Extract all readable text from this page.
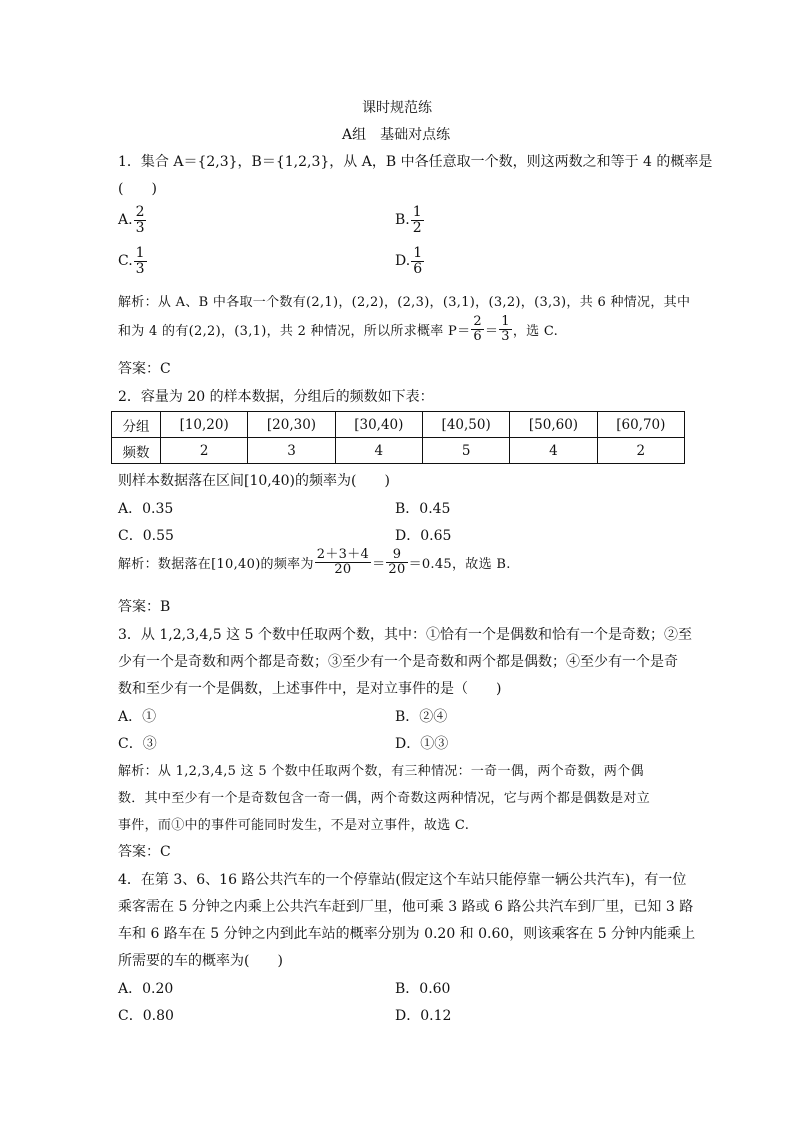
课时规范练
A组　基础对点练
1．集合 A＝{2,3}，B＝{1,2,3}，从 A，B 中各任意取一个数，则这两数之和等于 4 的概率是
(　　)
A. $\frac{2}{3}$	B. $\frac{1}{2}$
C. $\frac{1}{3}$	D. $\frac{1}{6}$
解析：从 A、B 中各取一个数有(2,1)，(2,2)，(2,3)，(3,1)，(3,2)，(3,3)，共 6 种情况，其中
和为 4 的有(2,2)，(3,1)，共 2 种情况，所以所求概率 $P= \frac{2}{6} = \frac{1}{3}$ ，选 C.
答案：C
2．容量为 20 的样本数据，分组后的频数如下表：
分组	[10,20)	[20,30)	[30,40)	[40,50)	[50,60)	[60,70)
频数	2	3	4	5	4	2
则样本数据落在区间[10,40)的频率为(　　)
A．0.35	B．0.45
C．0.55	D．0.65
解析：数据落在[10,40)的频率为 $\frac{2+3+4}{20} = \frac{9}{20} =0.45$，故选 B.
答案：B
3．从 1,2,3,4,5 这 5 个数中任取两个数，其中：①恰有一个是偶数和恰有一个是奇数；②至
少有一个是奇数和两个都是奇数；③至少有一个是奇数和两个都是偶数；④至少有一个是奇
数和至少有一个是偶数，上述事件中，是对立事件的是（　　)
A．①	B．②④
C．③	D．①③
解析：从 1,2,3,4,5 这 5 个数中任取两个数，有三种情况：一奇一偶，两个奇数，两个偶
数．其中至少有一个是奇数包含一奇一偶，两个奇数这两种情况，它与两个都是偶数是对立
事件，而①中的事件可能同时发生，不是对立事件，故选 C.
答案：C
4．在第 3、6、16 路公共汽车的一个停靠站(假定这个车站只能停靠一辆公共汽车)，有一位
乘客需在 5 分钟之内乘上公共汽车赶到厂里，他可乘 3 路或 6 路公共汽车到厂里，已知 3 路
车和 6 路车在 5 分钟之内到此车站的概率分别为 0.20 和 0.60，则该乘客在 5 分钟内能乘上
所需要的车的概率为(　　)
A．0.20	B．0.60
C．0.80	D．0.12
